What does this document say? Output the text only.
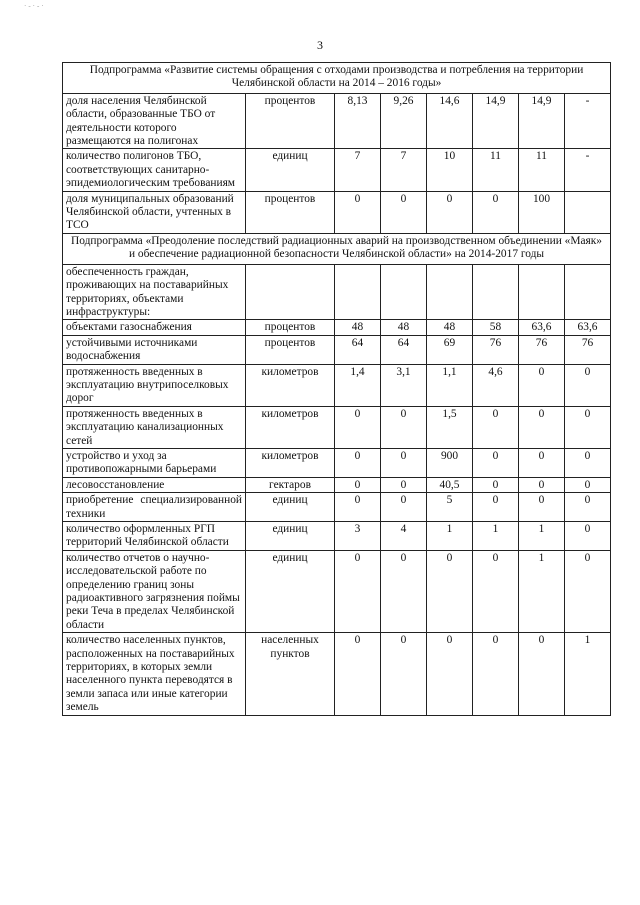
·-·-·
3
Подпрограмма «Развитие системы обращения с отходами производства и потребления на территории Челябинской области на 2014 – 2016 годы»							
доля населения Челябинской области, образованные ТБО от деятельности которого размещаются на полигонах	процентов	8,13	9,26	14,6	14,9	14,9	-
количество полигонов ТБО, соответствующих санитарно-эпидемиологическим требованиям	единиц	7	7	10	11	11	-
доля муниципальных образований Челябинской области, учтенных в ТСО	процентов	0	0	0	0	100	
Подпрограмма «Преодоление последствий радиационных аварий на производственном объединении «Маяк» и обеспечение радиационной безопасности Челябинской области» на 2014-2017 годы							
обеспеченность граждан, проживающих на поставарийных территориях, объектами инфраструктуры:							
объектами газоснабжения	процентов	48	48	48	58	63,6	63,6
устойчивыми источниками водоснабжения	процентов	64	64	69	76	76	76
протяженность введенных в эксплуатацию внутрипоселковых дорог	километров	1,4	3,1	1,1	4,6	0	0
протяженность введенных в эксплуатацию канализационных сетей	километров	0	0	1,5	0	0	0
устройство и уход за противопожарными барьерами	километров	0	0	900	0	0	0
лесовосстановление	гектаров	0	0	40,5	0	0	0
приобретение специализированной техники	единиц	0	0	5	0	0	0
количество оформленных РГП территорий Челябинской области	единиц	3	4	1	1	1	0
количество отчетов о научно-исследовательской работе по определению границ зоны радиоактивного загрязнения поймы реки Теча в пределах Челябинской области	единиц	0	0	0	0	1	0
количество населенных пунктов, расположенных на поставарийных территориях, в которых земли населенного пункта переводятся в земли запаса или иные категории земель	населенных пунктов	0	0	0	0	0	1
